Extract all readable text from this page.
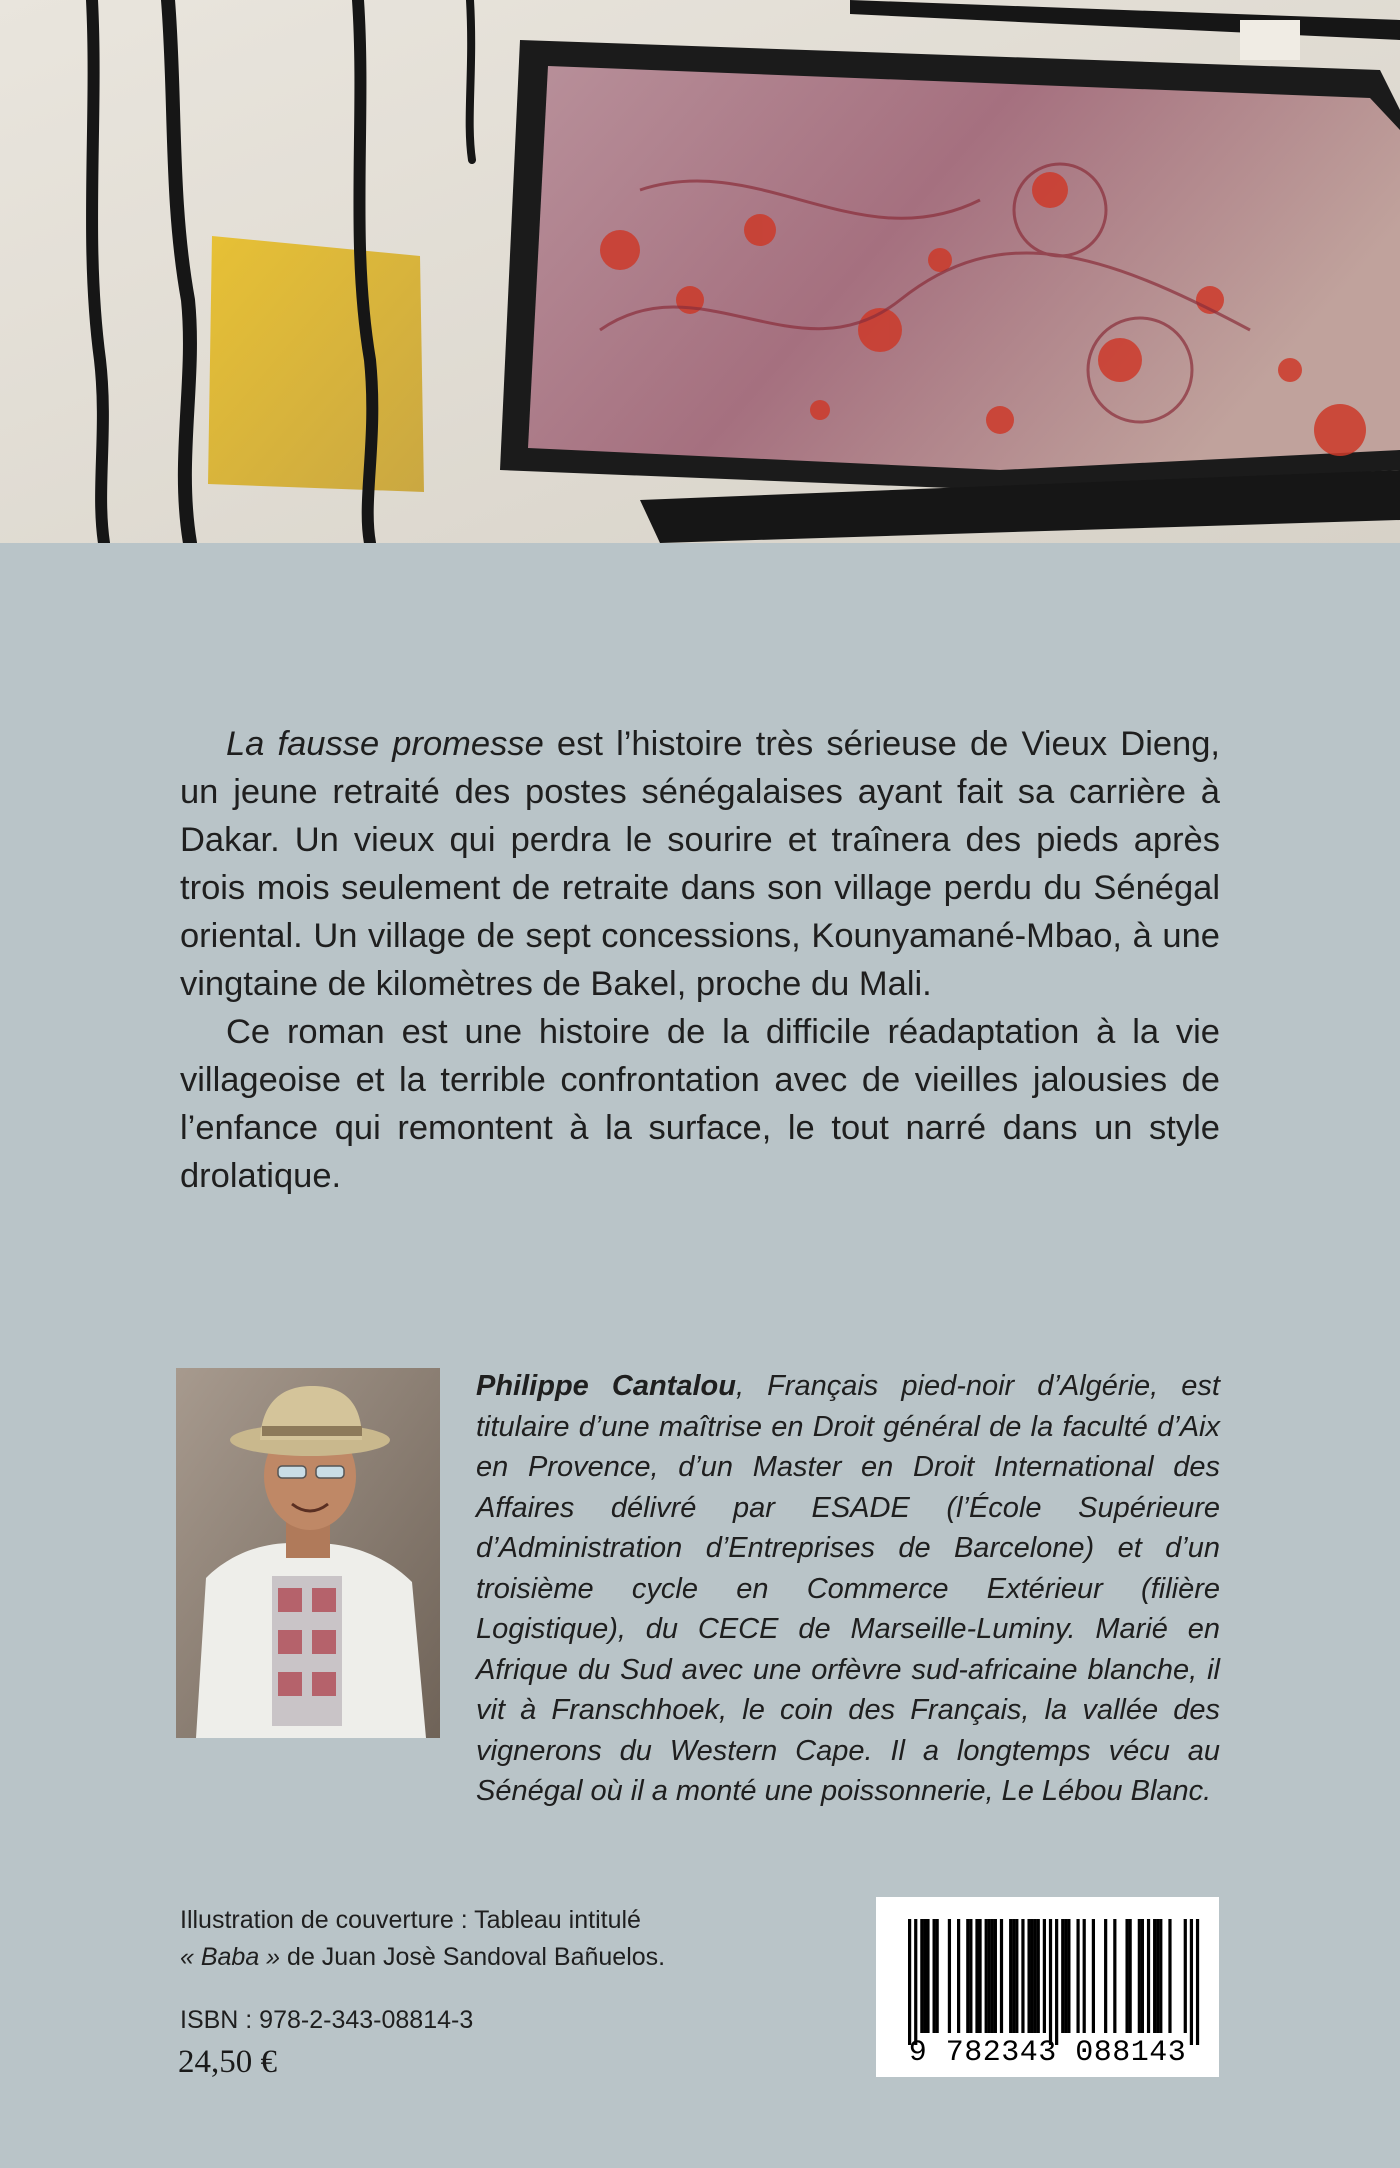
La fausse promesse est l’histoire très sérieuse de Vieux Dieng, un jeune retraité des postes sénégalaises ayant fait sa carrière à Dakar. Un vieux qui perdra le sourire et traînera des pieds après trois mois seulement de retraite dans son village perdu du Sénégal oriental. Un village de sept concessions, Kounyamané-Mbao, à une vingtaine de kilomètres de Bakel, proche du Mali.

Ce roman est une histoire de la difficile réadaptation à la vie villageoise et la terrible confrontation avec de vieilles jalousies de l’enfance qui remontent à la surface, le tout narré dans un style drolatique.

Philippe Cantalou, Français pied-noir d’Algérie, est titulaire d’une maîtrise en Droit général de la faculté d’Aix en Provence, d’un Master en Droit International des Affaires délivré par ESADE (l’École Supérieure d’Administration d’Entreprises de Barcelone) et d’un troisième cycle en Commerce Extérieur (filière Logistique), du CECE de Marseille-Luminy. Marié en Afrique du Sud avec une orfèvre sud-africaine blanche, il vit à Franschhoek, le coin des Français, la vallée des vignerons du Western Cape. Il a longtemps vécu au Sénégal où il a monté une poissonnerie, Le Lébou Blanc.

Illustration de couverture : Tableau intitulé

« Baba » de Juan Josè Sandoval Bañuelos.

ISBN : 978-2-343-08814-3
24,50 €	9 782343 088143
